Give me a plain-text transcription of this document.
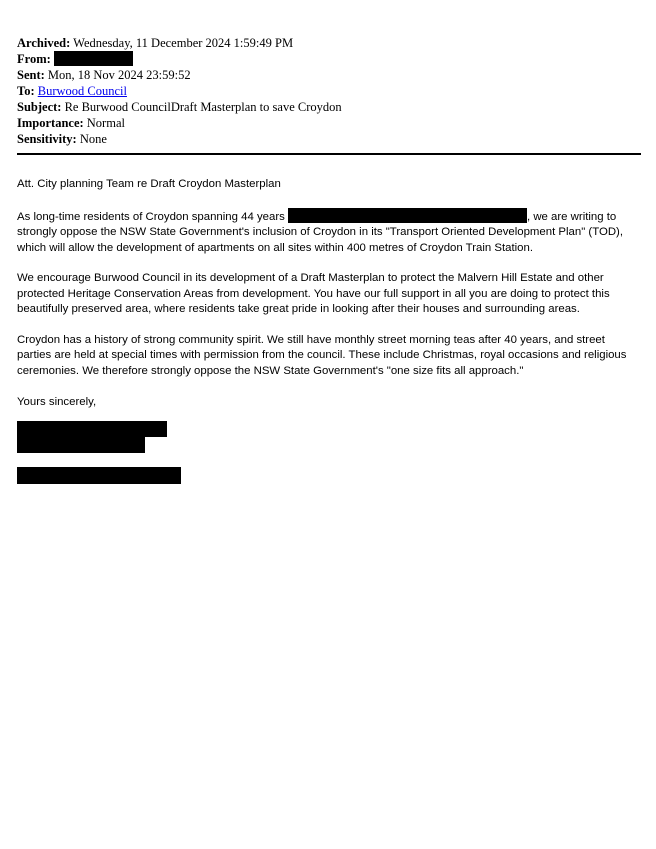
Archived: Wednesday, 11 December 2024 1:59:49 PM
From:
Sent: Mon, 18 Nov 2024 23:59:52
To: Burwood Council
Subject: Re Burwood CouncilDraft Masterplan to save Croydon
Importance: Normal
Sensitivity: None

Att. City planning Team re Draft Croydon Masterplan

As long-time residents of Croydon spanning 44 years	, we are writing to strongly oppose the NSW State Government's inclusion of Croydon in its "Transport Oriented Development Plan" (TOD), which will allow the development of apartments on all sites within 400 metres of Croydon Train Station.

We encourage Burwood Council in its development of a Draft Masterplan to protect the Malvern Hill Estate and other protected Heritage Conservation Areas from development. You have our full support in all you are doing to protect this beautifully preserved area, where residents take great pride in looking after their houses and surrounding areas.

Croydon has a history of strong community spirit. We still have monthly street morning teas after 40 years, and street parties are held at special times with permission from the council. These include Christmas, royal occasions and religious ceremonies. We therefore strongly oppose the NSW State Government's "one size fits all approach."

Yours sincerely,
